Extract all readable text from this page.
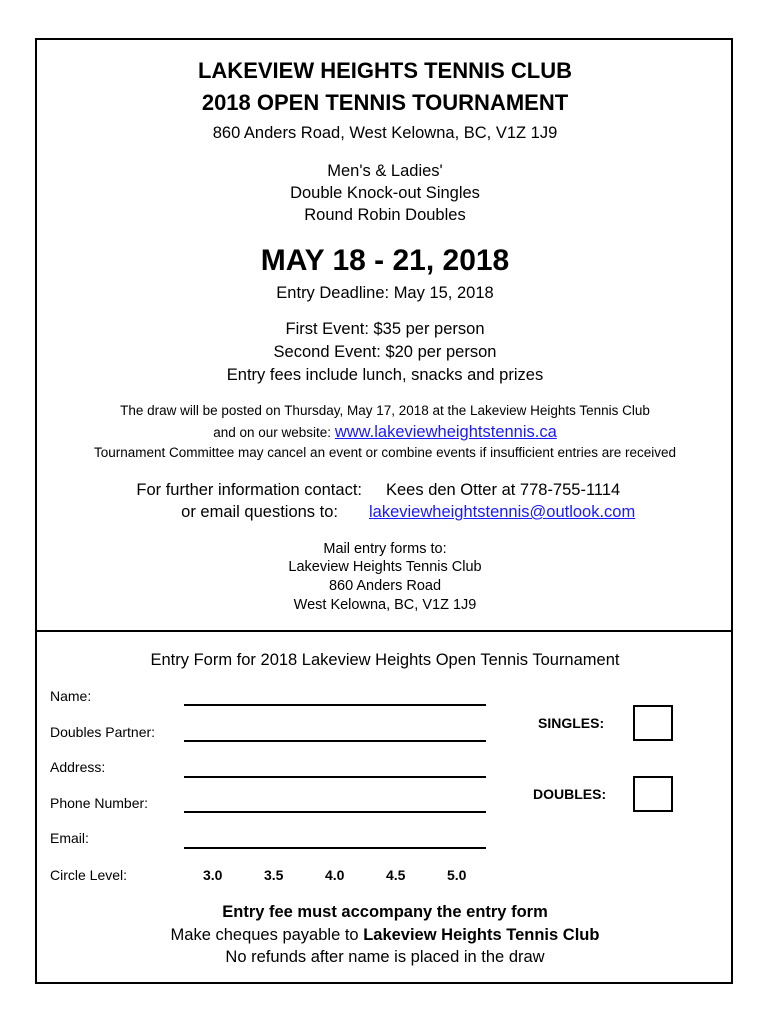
LAKEVIEW HEIGHTS TENNIS CLUB
2018 OPEN TENNIS TOURNAMENT
860 Anders Road, West Kelowna, BC, V1Z 1J9
Men's & Ladies'
Double Knock-out Singles
Round Robin Doubles
MAY 18 - 21, 2018
Entry Deadline: May 15, 2018
First Event: $35 per person
Second Event: $20 per person
Entry fees include lunch, snacks and prizes
The draw will be posted on Thursday, May 17, 2018 at the Lakeview Heights Tennis Club
and on our website: www.lakeviewheightstennis.ca
Tournament Committee may cancel an event or combine events if insufficient entries are received
For further information contact: Kees den Otter at 778-755-1114
or email questions to: lakeviewheightstennis@outlook.com
Mail entry forms to:
Lakeview Heights Tennis Club
860 Anders Road
West Kelowna, BC, V1Z 1J9
Entry Form for 2018 Lakeview Heights Open Tennis Tournament
Name:
Doubles Partner:
Address:
Phone Number:
Email:
Circle Level:	3.0	3.5	4.0	4.5	5.0
SINGLES:
DOUBLES:
Entry fee must accompany the entry form
Make cheques payable to Lakeview Heights Tennis Club
No refunds after name is placed in the draw
